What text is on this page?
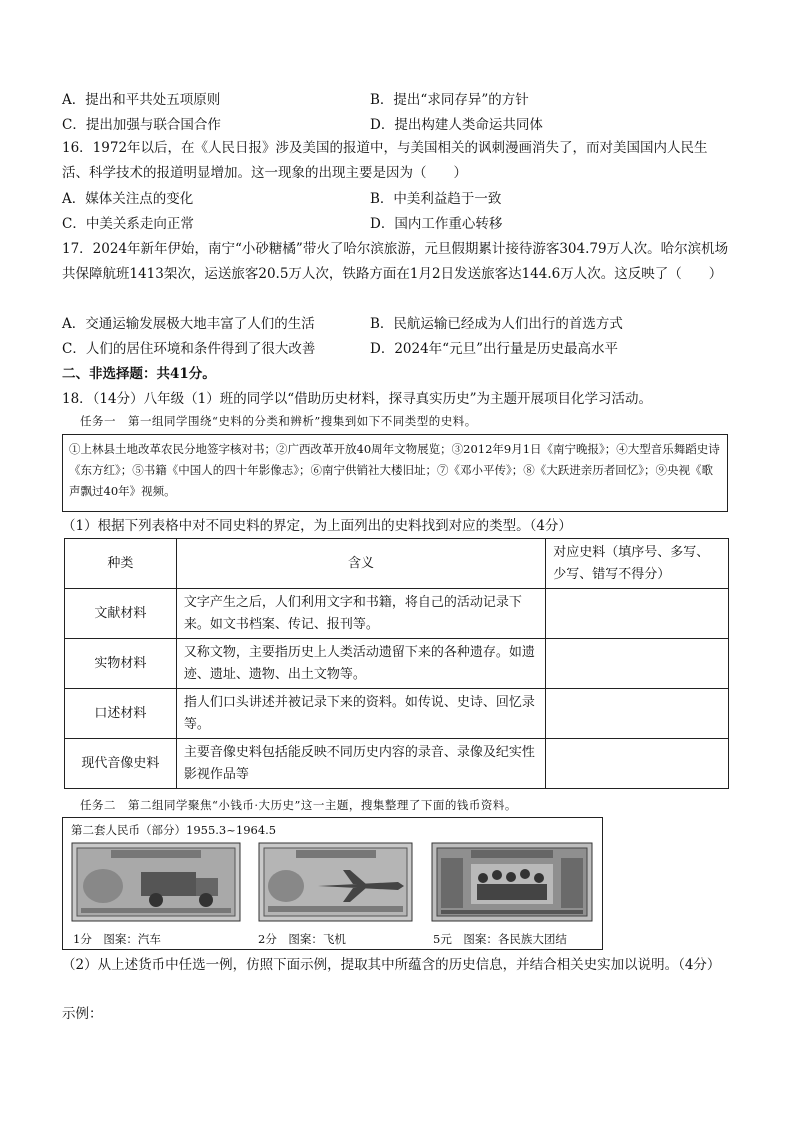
A．提出和平共处五项原则	B．提出“求同存异”的方针
C．提出加强与联合国合作	D．提出构建人类命运共同体
16．1972年以后，在《人民日报》涉及美国的报道中，与美国相关的讽刺漫画消失了，而对美国国内人民生活、科学技术的报道明显增加。这一现象的出现主要是因为（　　）
A．媒体关注点的变化	B．中美利益趋于一致
C．中美关系走向正常	D．国内工作重心转移
17．2024年新年伊始，南宁“小砂糖橘”带火了哈尔滨旅游，元旦假期累计接待游客304.79万人次。哈尔滨机场共保障航班1413架次，运送旅客20.5万人次，铁路方面在1月2日发送旅客达144.6万人次。这反映了（　　）
A．交通运输发展极大地丰富了人们的生活	B．民航运输已经成为人们出行的首选方式
C．人们的居住环境和条件得到了很大改善	D．2024年“元旦”出行量是历史最高水平
二、非选择题：共41分。
18．（14分）八年级（1）班的同学以“借助历史材料，探寻真实历史”为主题开展项目化学习活动。
任务一　第一组同学围绕“史料的分类和辨析”搜集到如下不同类型的史料。
①上林县土地改革农民分地签字核对书；②广西改革开放40周年文物展览；③2012年9月1日《南宁晚报》；④大型音乐舞蹈史诗《东方红》；⑤书籍《中国人的四十年影像志》；⑥南宁供销社大楼旧址；⑦《邓小平传》；⑧《大跃进亲历者回忆》；⑨央视《歌声飘过40年》视频。
（1）根据下列表格中对不同史料的界定，为上面列出的史料找到对应的类型。（4分）
种类	含义	对应史料（填序号、多写、少写、错写不得分）
文献材料	文字产生之后，人们利用文字和书籍，将自己的活动记录下来。如文书档案、传记、报刊等。	
实物材料	又称文物，主要指历史上人类活动遗留下来的各种遗存。如遗迹、遗址、遗物、出土文物等。	
口述材料	指人们口头讲述并被记录下来的资料。如传说、史诗、回忆录等。	
现代音像史料	主要音像史料包括能反映不同历史内容的录音、录像及纪实性影视作品等	
任务二　第二组同学聚焦“小钱币·大历史”这一主题，搜集整理了下面的钱币资料。
第二套人民币（部分）1955.3~1964.5
1分　图案：汽车	2分　图案：飞机	5元　图案：各民族大团结
（2）从上述货币中任选一例，仿照下面示例，提取其中所蕴含的历史信息，并结合相关史实加以说明。（4分）
示例：
